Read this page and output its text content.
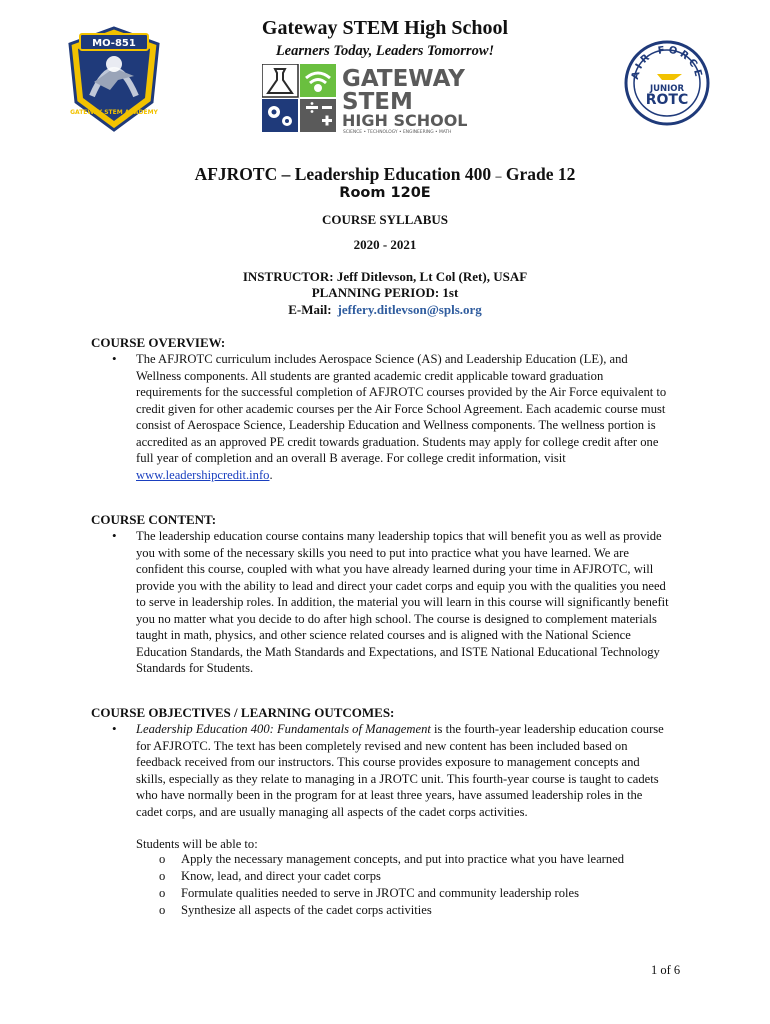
MO-851
GATEWAY STEM ACADEMY
Gateway STEM High School
Learners Today, Leaders Tomorrow!
GATEWAY
STEM
HIGH SCHOOL
SCIENCE • TECHNOLOGY • ENGINEERING • MATH
AIR FORCE
JUNIOR
ROTC
AFJROTC – Leadership Education 400 – Grade 12
Room 120E
COURSE SYLLABUS
2020 - 2021
INSTRUCTOR: Jeff Ditlevson, Lt Col (Ret), USAF
PLANNING PERIOD: 1st
E-Mail: jeffery.ditlevson@spls.org
COURSE OVERVIEW:
• The AFJROTC curriculum includes Aerospace Science (AS) and Leadership Education (LE), and Wellness components. All students are granted academic credit applicable toward graduation requirements for the successful completion of AFJROTC courses provided by the Air Force equivalent to credit given for other academic courses per the Air Force School Agreement. Each academic course must consist of Aerospace Science, Leadership Education and Wellness components. The wellness portion is accredited as an approved PE credit towards graduation. Students may apply for college credit after one full year of completion and an overall B average. For college credit information, visit www.leadershipcredit.info.
COURSE CONTENT:
• The leadership education course contains many leadership topics that will benefit you as well as provide you with some of the necessary skills you need to put into practice what you have learned. We are confident this course, coupled with what you have already learned during your time in AFJROTC, will provide you with the ability to lead and direct your cadet corps and equip you with the qualities you need to serve in leadership roles. In addition, the material you will learn in this course will significantly benefit you no matter what you decide to do after high school. The course is designed to complement materials taught in math, physics, and other science related courses and is aligned with the National Science Education Standards, the Math Standards and Expectations, and ISTE National Educational Technology Standards for Students.
COURSE OBJECTIVES / LEARNING OUTCOMES:
• Leadership Education 400: Fundamentals of Management is the fourth-year leadership education course for AFJROTC. The text has been completely revised and new content has been included based on feedback received from our instructors. This course provides exposure to management concepts and skills, especially as they relate to managing in a JROTC unit. This fourth-year course is taught to cadets who have normally been in the program for at least three years, have assumed leadership roles in the cadet corps, and are usually managing all aspects of the cadet corps activities.
Students will be able to:
o Apply the necessary management concepts, and put into practice what you have learned
o Know, lead, and direct your cadet corps
o Formulate qualities needed to serve in JROTC and community leadership roles
o Synthesize all aspects of the cadet corps activities
1 of 6
